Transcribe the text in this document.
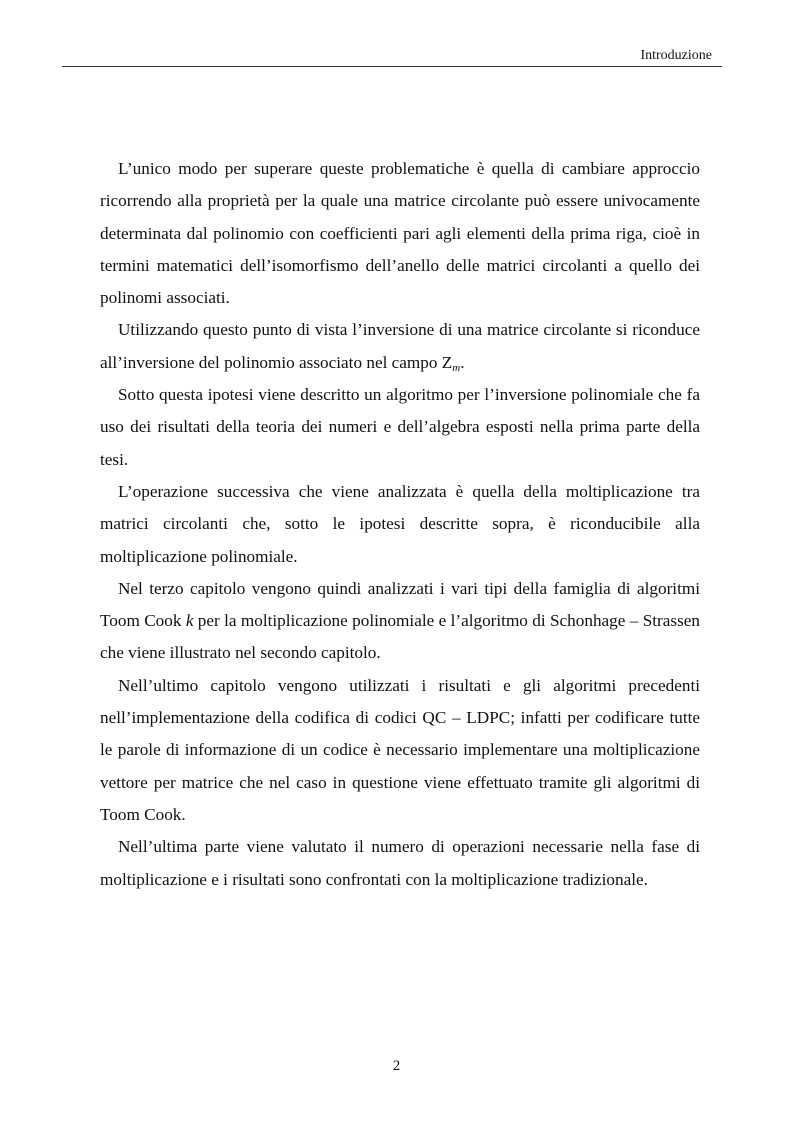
Introduzione

L’unico modo per superare queste problematiche è quella di cambiare approccio ricorrendo alla proprietà per la quale una matrice circolante può essere univocamente determinata dal polinomio con coefficienti pari agli elementi della prima riga, cioè in termini matematici dell’isomorfismo dell’anello delle matrici circolanti a quello dei polinomi associati.

Utilizzando questo punto di vista l’inversione di una matrice circolante si riconduce all’inversione del polinomio associato nel campo $Z_m$.

Sotto questa ipotesi viene descritto un algoritmo per l’inversione polinomiale che fa uso dei risultati della teoria dei numeri e dell’algebra esposti nella prima parte della tesi.

L’operazione successiva che viene analizzata è quella della moltiplicazione tra matrici circolanti che, sotto le ipotesi descritte sopra, è riconducibile alla moltiplicazione polinomiale.

Nel terzo capitolo vengono quindi analizzati i vari tipi della famiglia di algoritmi Toom Cook k per la moltiplicazione polinomiale e l’algoritmo di Schonhage – Strassen che viene illustrato nel secondo capitolo.

Nell’ultimo capitolo vengono utilizzati i risultati e gli algoritmi precedenti nell’implementazione della codifica di codici QC – LDPC; infatti per codificare tutte le parole di informazione di un codice è necessario implementare una moltiplicazione vettore per matrice che nel caso in questione viene effettuato tramite gli algoritmi di Toom Cook.

Nell’ultima parte viene valutato il numero di operazioni necessarie nella fase di moltiplicazione e i risultati sono confrontati con la moltiplicazione tradizionale.

2
